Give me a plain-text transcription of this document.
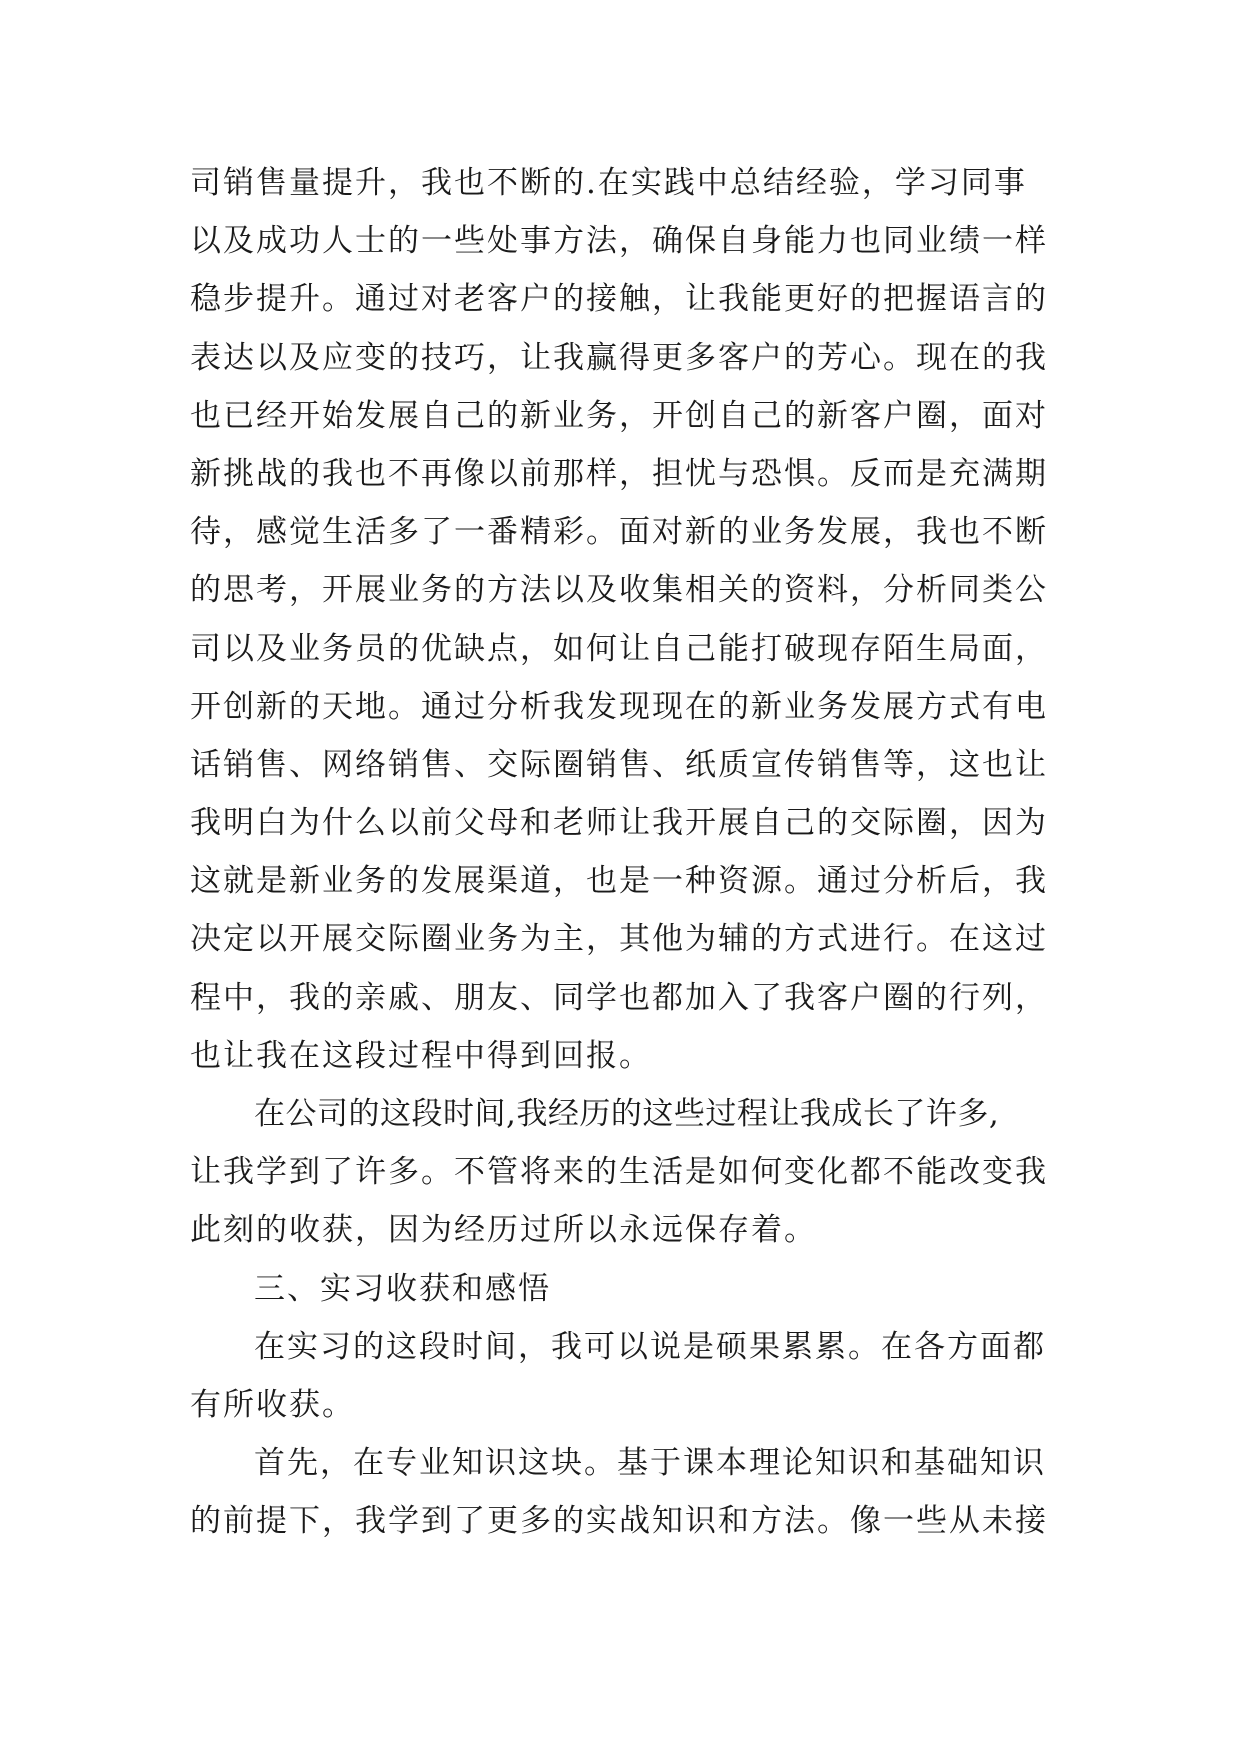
司销售量提升，我也不断的.在实践中总结经验，学习同事
以及成功人士的一些处事方法，确保自身能力也同业绩一样
稳步提升。通过对老客户的接触，让我能更好的把握语言的
表达以及应变的技巧，让我赢得更多客户的芳心。现在的我
也已经开始发展自己的新业务，开创自己的新客户圈，面对
新挑战的我也不再像以前那样，担忧与恐惧。反而是充满期
待，感觉生活多了一番精彩。面对新的业务发展，我也不断
的思考，开展业务的方法以及收集相关的资料，分析同类公
司以及业务员的优缺点，如何让自己能打破现存陌生局面，
开创新的天地。通过分析我发现现在的新业务发展方式有电
话销售、网络销售、交际圈销售、纸质宣传销售等，这也让
我明白为什么以前父母和老师让我开展自己的交际圈，因为
这就是新业务的发展渠道，也是一种资源。通过分析后，我
决定以开展交际圈业务为主，其他为辅的方式进行。在这过
程中，我的亲戚、朋友、同学也都加入了我客户圈的行列，
也让我在这段过程中得到回报。
在公司的这段时间,我经历的这些过程让我成长了许多,
让我学到了许多。不管将来的生活是如何变化都不能改变我
此刻的收获，因为经历过所以永远保存着。
三、实习收获和感悟
在实习的这段时间，我可以说是硕果累累。在各方面都
有所收获。
首先，在专业知识这块。基于课本理论知识和基础知识
的前提下，我学到了更多的实战知识和方法。像一些从未接
